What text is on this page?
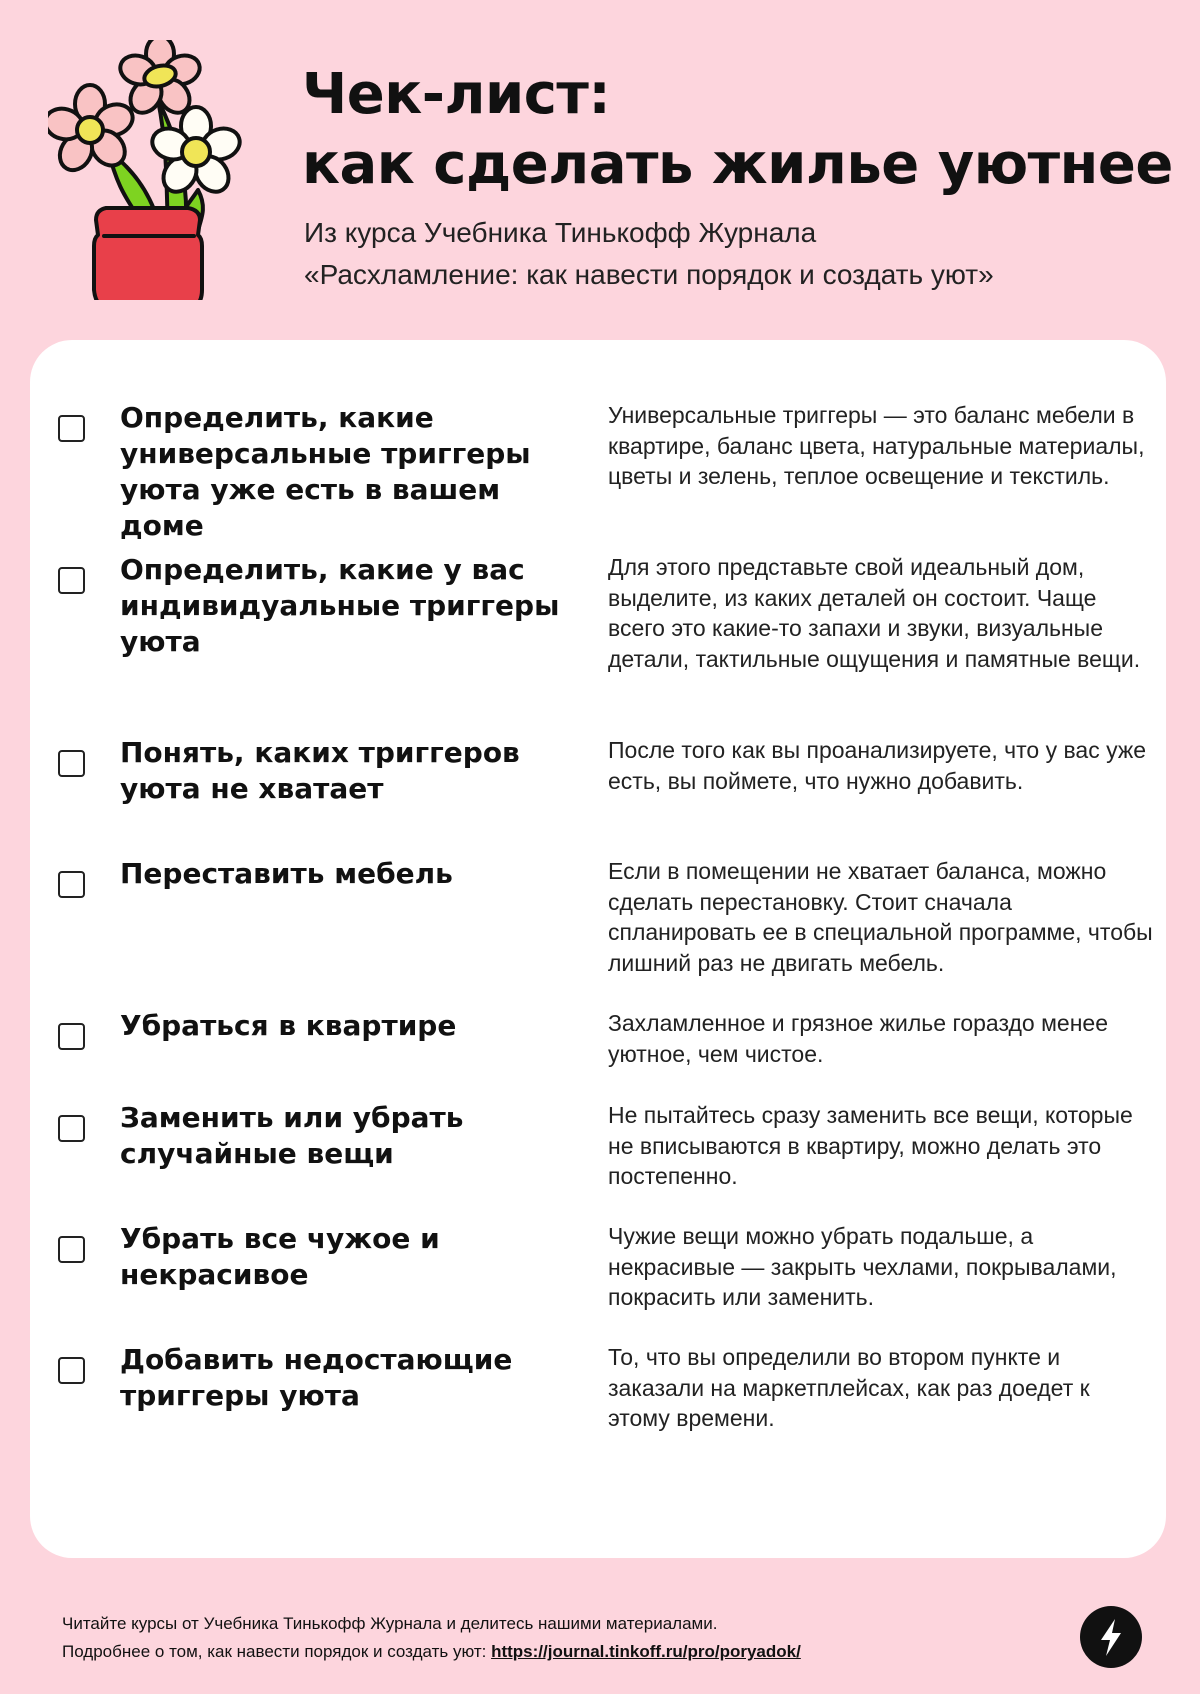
Чек-лист:
как сделать жилье уютнее
Из курса Учебника Тинькофф Журнала
«Расхламление: как навести порядок и создать уют»
Определить, какие универсальные триггеры уюта уже есть в вашем доме
Универсальные триггеры — это баланс мебели в квартире, баланс цвета, натуральные материалы, цветы и зелень, теплое освещение и текстиль.
Определить, какие у вас индивидуальные триггеры уюта
Для этого представьте свой идеальный дом, выделите, из каких деталей он состоит. Чаще всего это какие-то запахи и звуки, визуальные детали, тактильные ощущения и памятные вещи.
Понять, каких триггеров уюта не хватает
После того как вы проанализируете, что у вас уже есть, вы поймете, что нужно добавить.
Переставить мебель	Если в помещении не хватает баланса, можно сделать перестановку. Стоит сначала спланировать ее в специальной программе, чтобы лишний раз не двигать мебель.
Убраться в квартире	Захламленное и грязное жилье гораздо менее уютное, чем чистое.
Заменить или убрать случайные вещи
Не пытайтесь сразу заменить все вещи, которые не вписываются в квартиру, можно делать это постепенно.
Убрать все чужое и некрасивое
Чужие вещи можно убрать подальше, а некрасивые — закрыть чехлами, покрывалами, покрасить или заменить.
Добавить недостающие триггеры уюта
То, что вы определили во втором пункте и заказали на маркетплейсах, как раз доедет к этому времени.
Читайте курсы от Учебника Тинькофф Журнала и делитесь нашими материалами.
Подробнее о том, как навести порядок и создать уют: https://journal.tinkoff.ru/pro/poryadok/
